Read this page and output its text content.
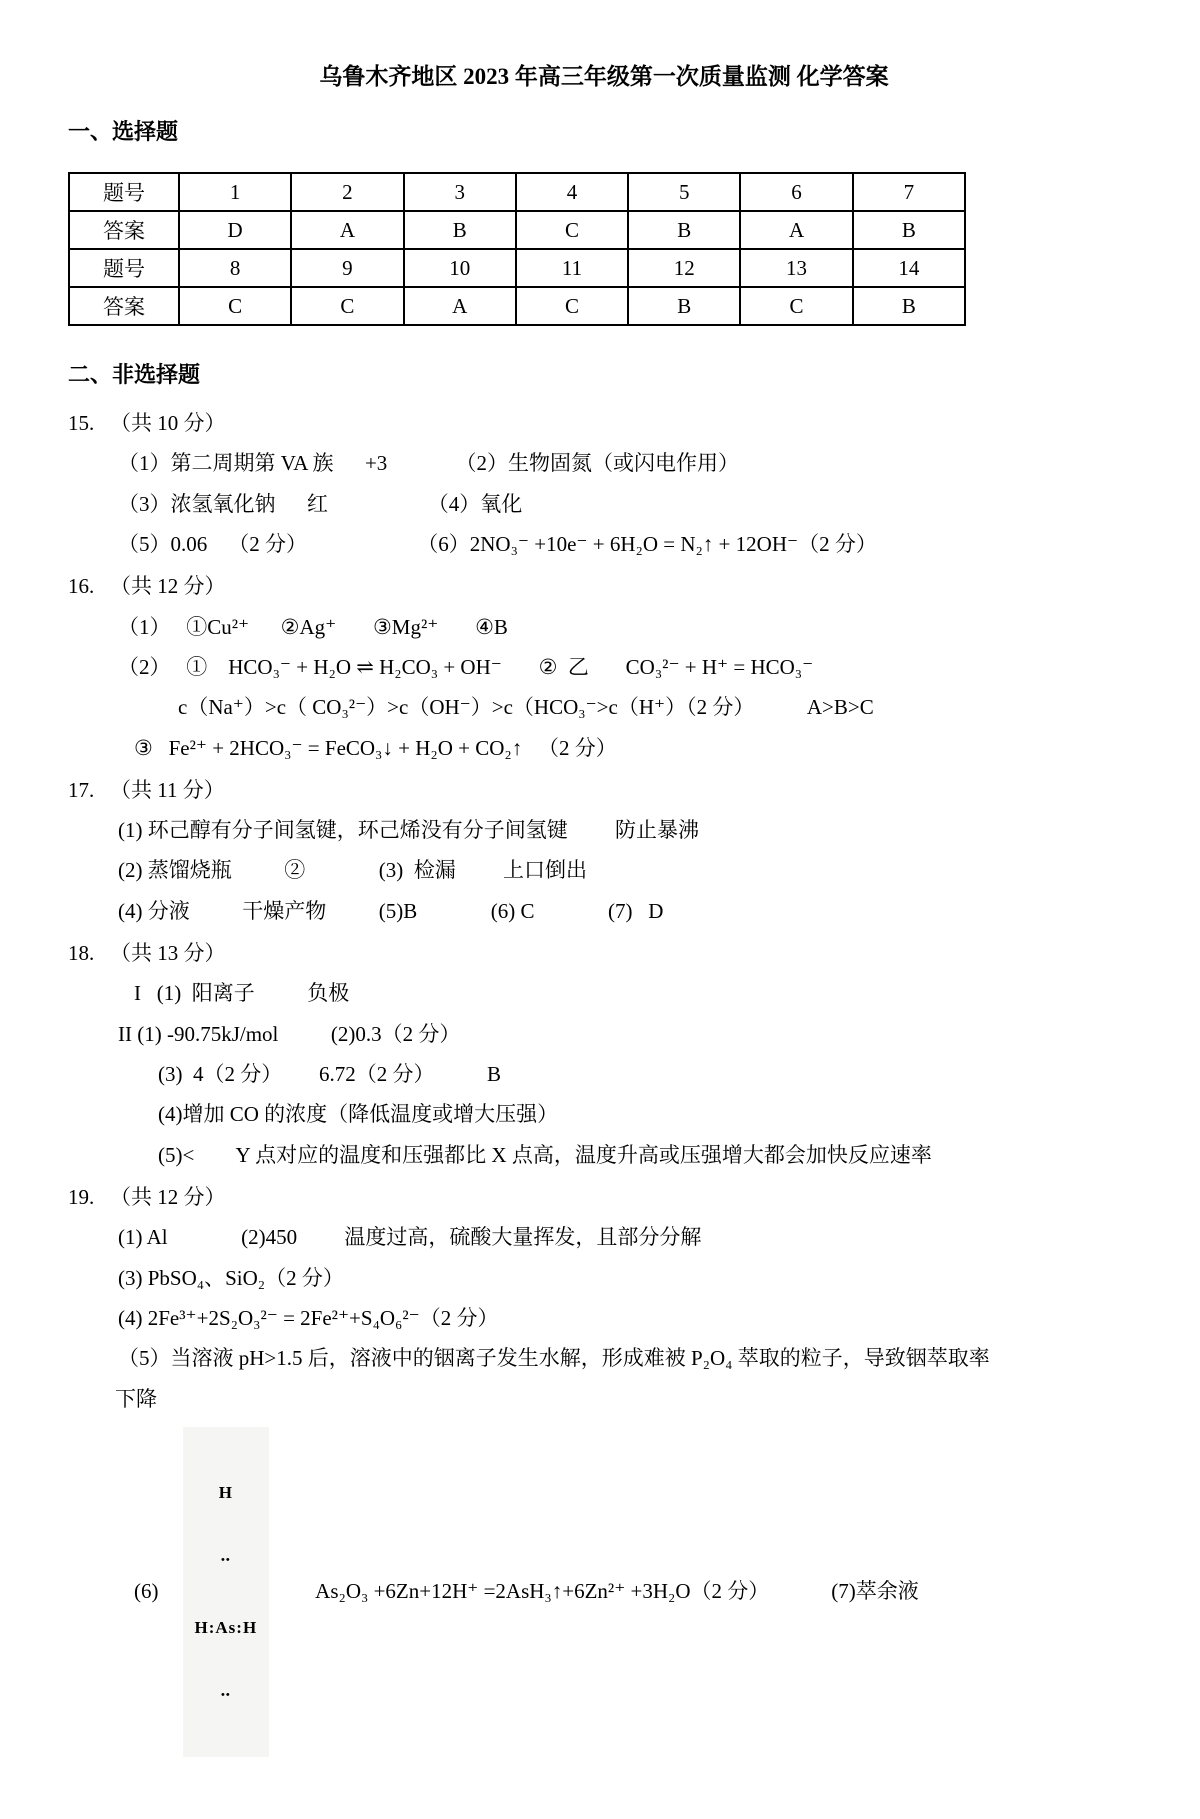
乌鲁木齐地区 2023 年高三年级第一次质量监测 化学答案
一、选择题
题号	1	2	3	4	5	6	7
答案	D	A	B	C	B	A	B
题号	8	9	10	11	12	13	14
答案	C	C	A	C	B	C	B
二、非选择题
15.   （共 10 分）
（1）第二周期第 VA 族      +3             （2）生物固氮（或闪电作用）
（3）浓氢氧化钠      红                   （4）氧化
（5）0.06    （2 分）                     （6）2NO₃⁻ +10e⁻ + 6H₂O = N₂↑ + 12OH⁻（2 分）
16.   （共 12 分）
（1）   ①Cu²⁺      ②Ag⁺       ③Mg²⁺       ④B
（2）   ①    HCO₃⁻ + H₂O ⇌ H₂CO₃ + OH⁻       ②  乙       CO₃²⁻ + H⁺ = HCO₃⁻
c（Na⁺）>c（ CO₃²⁻）>c（OH⁻）>c（HCO₃⁻>c（H⁺）（2 分）          A>B>C
③   Fe²⁺ + 2HCO₃⁻ = FeCO₃↓ + H₂O + CO₂↑   （2 分）
17.   （共 11 分）
(1) 环己醇有分子间氢键，环己烯没有分子间氢键         防止暴沸
(2) 蒸馏烧瓶          ②              (3)  检漏         上口倒出
(4) 分液          干燥产物          (5)B              (6) C              (7)   D
18.   （共 13 分）
I   (1)  阳离子          负极
II (1) -90.75kJ/mol          (2)0.3（2 分）
(3)  4（2 分）       6.72（2 分）          B
(4)增加 CO 的浓度（降低温度或增大压强）
(5)<        Y 点对应的温度和压强都比 X 点高，温度升高或压强增大都会加快反应速率
19.   （共 12 分）
(1) Al              (2)450         温度过高，硫酸大量挥发，且部分分解
(3) PbSO₄、SiO₂（2 分）
(4) 2Fe³⁺+2S₂O₃²⁻ = 2Fe²⁺+S₄O₆²⁻（2 分）
（5）当溶液 pH>1.5 后，溶液中的铟离子发生水解，形成难被 P₂O₄ 萃取的粒子，导致铟萃取率
下降
(6)

H

••

H:As:H

••

As₂O₃ +6Zn+12H⁺ =2AsH₃↑+6Zn²⁺ +3H₂O（2 分）	(7)萃余液
